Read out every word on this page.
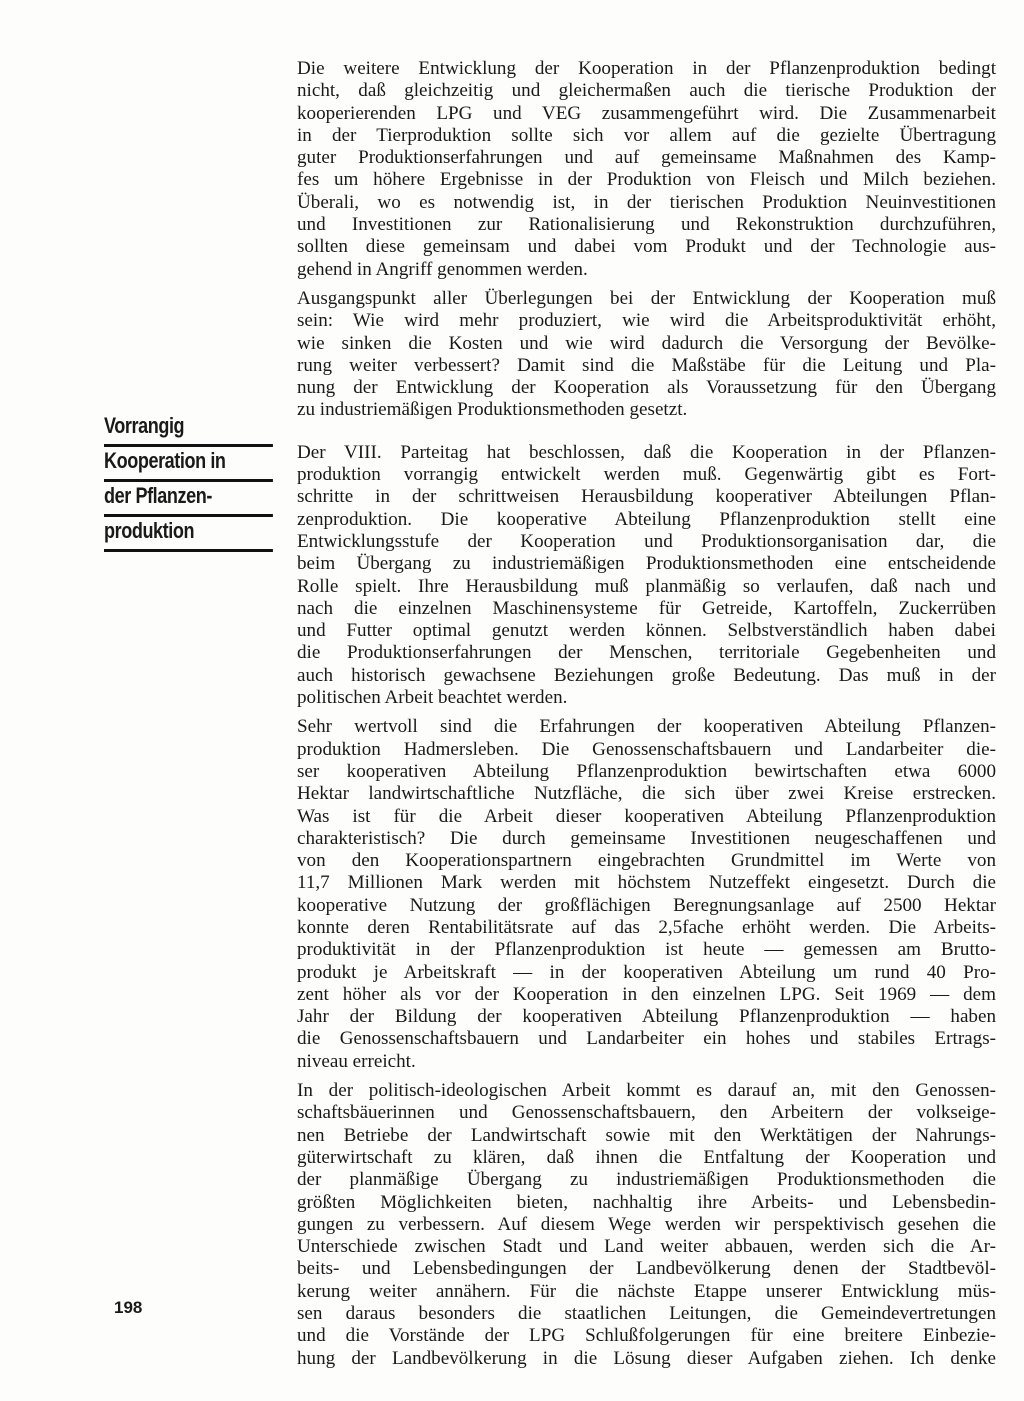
Vorrangig
Kooperation in
der Pflanzen-
produktion

Die weitere Entwicklung der Kooperation in der Pflanzenproduktion bedingt
nicht, daß gleichzeitig und gleichermaßen auch die tierische Produktion der
kooperierenden LPG und VEG zusammengeführt wird. Die Zusammenarbeit
in der Tierproduktion sollte sich vor allem auf die gezielte Übertragung
guter Produktionserfahrungen und auf gemeinsame Maßnahmen des Kamp-
fes um höhere Ergebnisse in der Produktion von Fleisch und Milch beziehen.
Überali, wo es notwendig ist, in der tierischen Produktion Neuinvestitionen
und Investitionen zur Rationalisierung und Rekonstruktion durchzuführen,
sollten diese gemeinsam und dabei vom Produkt und der Technologie aus-
gehend in Angriff genommen werden.

Ausgangspunkt aller Überlegungen bei der Entwicklung der Kooperation muß
sein: Wie wird mehr produziert, wie wird die Arbeitsproduktivität erhöht,
wie sinken die Kosten und wie wird dadurch die Versorgung der Bevölke-
rung weiter verbessert? Damit sind die Maßstäbe für die Leitung und Pla-
nung der Entwicklung der Kooperation als Voraussetzung für den Übergang
zu industriemäßigen Produktionsmethoden gesetzt.

Der VIII. Parteitag hat beschlossen, daß die Kooperation in der Pflanzen-
produktion vorrangig entwickelt werden muß. Gegenwärtig gibt es Fort-
schritte in der schrittweisen Herausbildung kooperativer Abteilungen Pflan-
zenproduktion. Die kooperative Abteilung Pflanzenproduktion stellt eine
Entwicklungsstufe der Kooperation und Produktionsorganisation dar, die
beim Übergang zu industriemäßigen Produktionsmethoden eine entscheidende
Rolle spielt. Ihre Herausbildung muß planmäßig so verlaufen, daß nach und
nach die einzelnen Maschinensysteme für Getreide, Kartoffeln, Zuckerrüben
und Futter optimal genutzt werden können. Selbstverständlich haben dabei
die Produktionserfahrungen der Menschen, territoriale Gegebenheiten und
auch historisch gewachsene Beziehungen große Bedeutung. Das muß in der
politischen Arbeit beachtet werden.

Sehr wertvoll sind die Erfahrungen der kooperativen Abteilung Pflanzen-
produktion Hadmersleben. Die Genossenschaftsbauern und Landarbeiter die-
ser kooperativen Abteilung Pflanzenproduktion bewirtschaften etwa 6000
Hektar landwirtschaftliche Nutzfläche, die sich über zwei Kreise erstrecken.
Was ist für die Arbeit dieser kooperativen Abteilung Pflanzenproduktion
charakteristisch? Die durch gemeinsame Investitionen neugeschaffenen und
von den Kooperationspartnern eingebrachten Grundmittel im Werte von
11,7 Millionen Mark werden mit höchstem Nutzeffekt eingesetzt. Durch die
kooperative Nutzung der großflächigen Beregnungsanlage auf 2500 Hektar
konnte deren Rentabilitätsrate auf das 2,5fache erhöht werden. Die Arbeits-
produktivität in der Pflanzenproduktion ist heute — gemessen am Brutto-
produkt je Arbeitskraft — in der kooperativen Abteilung um rund 40 Pro-
zent höher als vor der Kooperation in den einzelnen LPG. Seit 1969 — dem
Jahr der Bildung der kooperativen Abteilung Pflanzenproduktion — haben
die Genossenschaftsbauern und Landarbeiter ein hohes und stabiles Ertrags-
niveau erreicht.

In der politisch-ideologischen Arbeit kommt es darauf an, mit den Genossen-
schaftsbäuerinnen und Genossenschaftsbauern, den Arbeitern der volkseige-
nen Betriebe der Landwirtschaft sowie mit den Werktätigen der Nahrungs-
güterwirtschaft zu klären, daß ihnen die Entfaltung der Kooperation und
der planmäßige Übergang zu industriemäßigen Produktionsmethoden die
größten Möglichkeiten bieten, nachhaltig ihre Arbeits- und Lebensbedin-
gungen zu verbessern. Auf diesem Wege werden wir perspektivisch gesehen die
Unterschiede zwischen Stadt und Land weiter abbauen, werden sich die Ar-
beits- und Lebensbedingungen der Landbevölkerung denen der Stadtbevöl-
kerung weiter annähern. Für die nächste Etappe unserer Entwicklung müs-
sen daraus besonders die staatlichen Leitungen, die Gemeindevertretungen
und die Vorstände der LPG Schlußfolgerungen für eine breitere Einbezie-
hung der Landbevölkerung in die Lösung dieser Aufgaben ziehen. Ich denke

198
